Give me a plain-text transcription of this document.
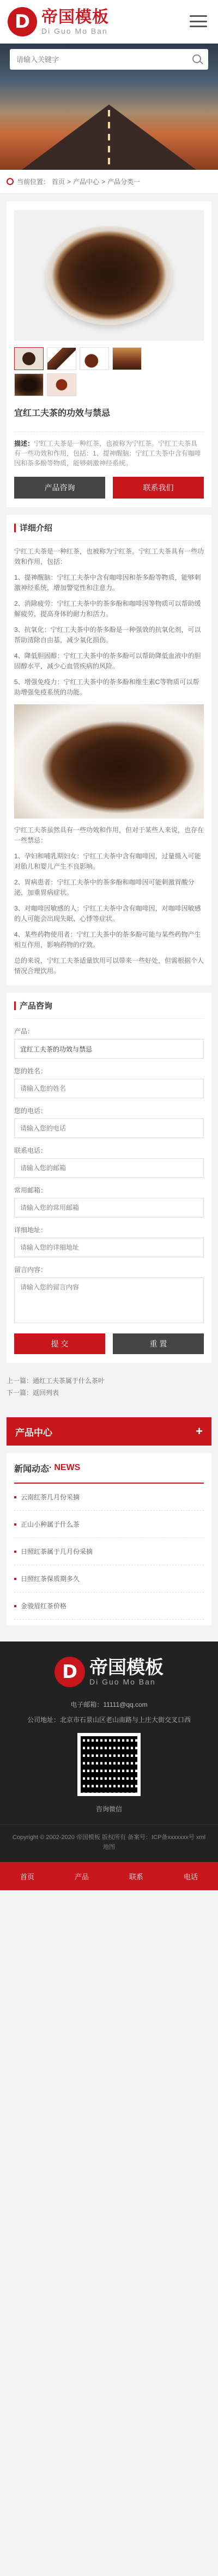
D 帝国模板
Di Guo Mo Ban
请输入关键字
当前位置： 首页 > 产品中心 > 产品分类一
宜红工夫茶的功效与禁忌
描述：宁红工夫茶是一种红茶，也被称为宁红茶。宁红工夫茶具有一些功效和作用，包括：1、提神醒脑：宁红工夫茶中含有咖啡因和茶多酚等物质，能够刺激神经系统。
产品咨询	联系我们
详细介绍

宁红工夫茶是一种红茶，也被称为宁红茶。宁红工夫茶具有一些功效和作用，包括：

1、提神醒脑：宁红工夫茶中含有咖啡因和茶多酚等物质，能够刺激神经系统，增加警觉性和注意力。

2、消除疲劳：宁红工夫茶中的茶多酚和咖啡因等物质可以帮助缓解疲劳，提高身体的耐力和活力。

3、抗氧化：宁红工夫茶中的茶多酚是一种强效的抗氧化剂，可以帮助清除自由基，减少氧化损伤。

4、降低胆固醇：宁红工夫茶中的茶多酚可以帮助降低血液中的胆固醇水平，减少心血管疾病的风险。

5、增强免疫力：宁红工夫茶中的茶多酚和维生素C等物质可以帮助增强免疫系统的功能。

宁红工夫茶虽然具有一些功效和作用，但对于某些人来说，也存在一些禁忌：

1、孕妇和哺乳期妇女：宁红工夫茶中含有咖啡因，过量摄入可能对胎儿和婴儿产生不良影响。

2、胃病患者：宁红工夫茶中的茶多酚和咖啡因可能刺激胃酸分泌，加重胃病症状。

3、对咖啡因敏感的人：宁红工夫茶中含有咖啡因，对咖啡因敏感的人可能会出现失眠、心悸等症状。

4、某些药物使用者：宁红工夫茶中的茶多酚可能与某些药物产生相互作用，影响药物的疗效。

总的来说，宁红工夫茶适量饮用可以带来一些好处，但需根据个人情况合理饮用。

产品咨询
产品：
宜红工夫茶的功效与禁忌
您的姓名：
请输入您的姓名
您的电话：
请输入您的电话
联系电话：
请输入您的邮箱
常用邮箱：
请输入您的常用邮箱
详细地址：
请输入您的详细地址
留言内容：
请输入您的留言内容
提 交	重 置
上一篇：通红工夫茶属于什么茶叶
下一篇：返回列表
产品中心	+
新闻动态 · NEWS
云南红茶几月份采摘
正山小种属于什么茶
日照红茶属于几月份采摘
日照红茶保质期多久
金骏眉红茶价格
D 帝国模板
Di Guo Mo Ban
电子邮箱：11111@qq.com
公司地址：北京市石景山区老山南路与上庄大街交叉口西
咨询微信
Copyright © 2002-2020 帝国模板 版权所有 备案号：ICP备xxxxxxx号 xml地图
首页	产品	联系	电话
